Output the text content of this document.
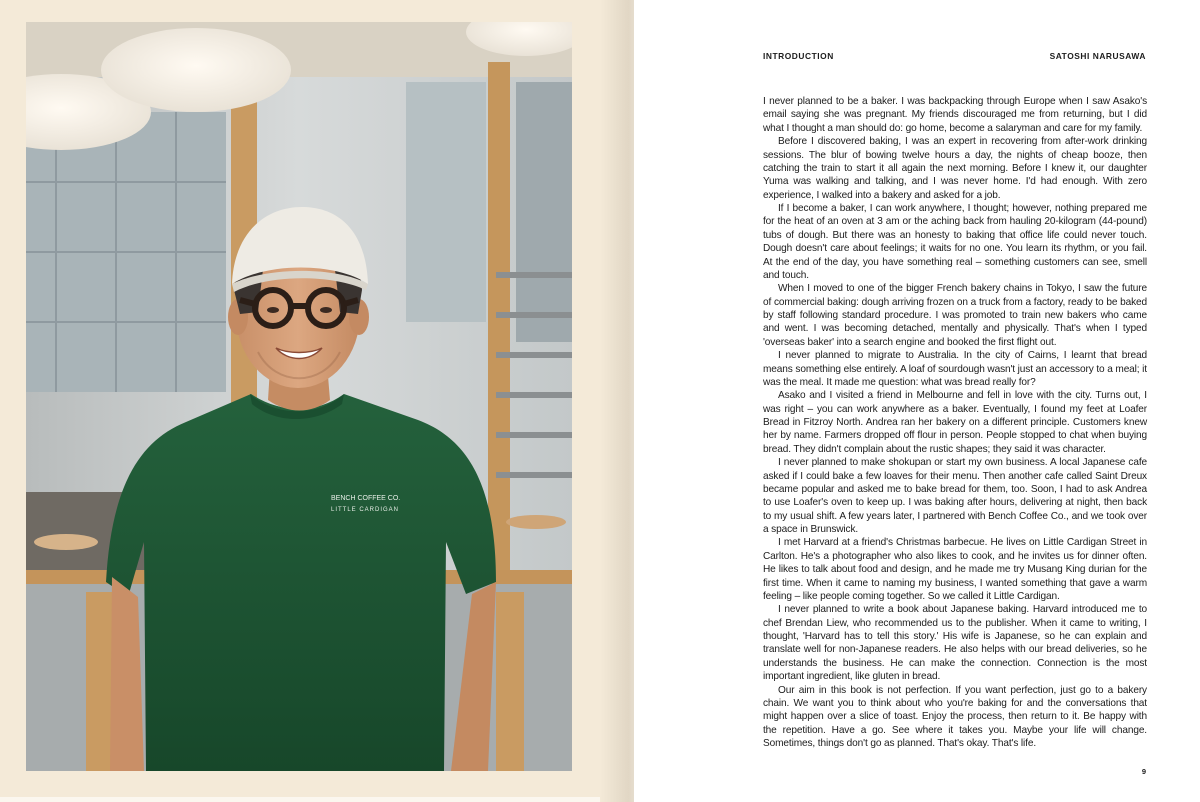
BENCH COFFEE CO.
LITTLE CARDIGAN
INTRODUCTION	SATOSHI NARUSAWA

I never planned to be a baker. I was backpacking through Europe when I saw Asako's email saying she was pregnant. My friends discouraged me from returning, but I did what I thought a man should do: go home, become a salaryman and care for my family.

Before I discovered baking, I was an expert in recovering from after-work drinking sessions. The blur of bowing twelve hours a day, the nights of cheap booze, then catching the train to start it all again the next morning. Before I knew it, our daughter Yuma was walking and talking, and I was never home. I'd had enough. With zero experience, I walked into a bakery and asked for a job.

If I become a baker, I can work anywhere, I thought; however, nothing prepared me for the heat of an oven at 3 am or the aching back from hauling 20-kilogram (44-pound) tubs of dough. But there was an honesty to baking that office life could never touch. Dough doesn't care about feelings; it waits for no one. You learn its rhythm, or you fail. At the end of the day, you have something real – something customers can see, smell and touch.

When I moved to one of the bigger French bakery chains in Tokyo, I saw the future of commercial baking: dough arriving frozen on a truck from a factory, ready to be baked by staff following standard procedure. I was promoted to train new bakers who came and went. I was becoming detached, mentally and physically. That's when I typed 'overseas baker' into a search engine and booked the first flight out.

I never planned to migrate to Australia. In the city of Cairns, I learnt that bread means something else entirely. A loaf of sourdough wasn't just an accessory to a meal; it was the meal. It made me question: what was bread really for?

Asako and I visited a friend in Melbourne and fell in love with the city. Turns out, I was right – you can work anywhere as a baker. Eventually, I found my feet at Loafer Bread in Fitzroy North. Andrea ran her bakery on a different principle. Customers knew her by name. Farmers dropped off flour in person. People stopped to chat when buying bread. They didn't complain about the rustic shapes; they said it was character.

I never planned to make shokupan or start my own business. A local Japanese cafe asked if I could bake a few loaves for their menu. Then another cafe called Saint Dreux became popular and asked me to bake bread for them, too. Soon, I had to ask Andrea to use Loafer's oven to keep up. I was baking after hours, delivering at night, then back to my usual shift. A few years later, I partnered with Bench Coffee Co., and we took over a space in Brunswick.

I met Harvard at a friend's Christmas barbecue. He lives on Little Cardigan Street in Carlton. He's a photographer who also likes to cook, and he invites us for dinner often. He likes to talk about food and design, and he made me try Musang King durian for the first time. When it came to naming my business, I wanted something that gave a warm feeling – like people coming together. So we called it Little Cardigan.

I never planned to write a book about Japanese baking. Harvard introduced me to chef Brendan Liew, who recommended us to the publisher. When it came to writing, I thought, 'Harvard has to tell this story.' His wife is Japanese, so he can explain and translate well for non-Japanese readers. He also helps with our bread deliveries, so he understands the business. He can make the connection. Connection is the most important ingredient, like gluten in bread.

Our aim in this book is not perfection. If you want perfection, just go to a bakery chain. We want you to think about who you're baking for and the conversations that might happen over a slice of toast. Enjoy the process, then return to it. Be happy with the repetition. Have a go. See where it takes you. Maybe your life will change. Sometimes, things don't go as planned. That's okay. That's life.

9
